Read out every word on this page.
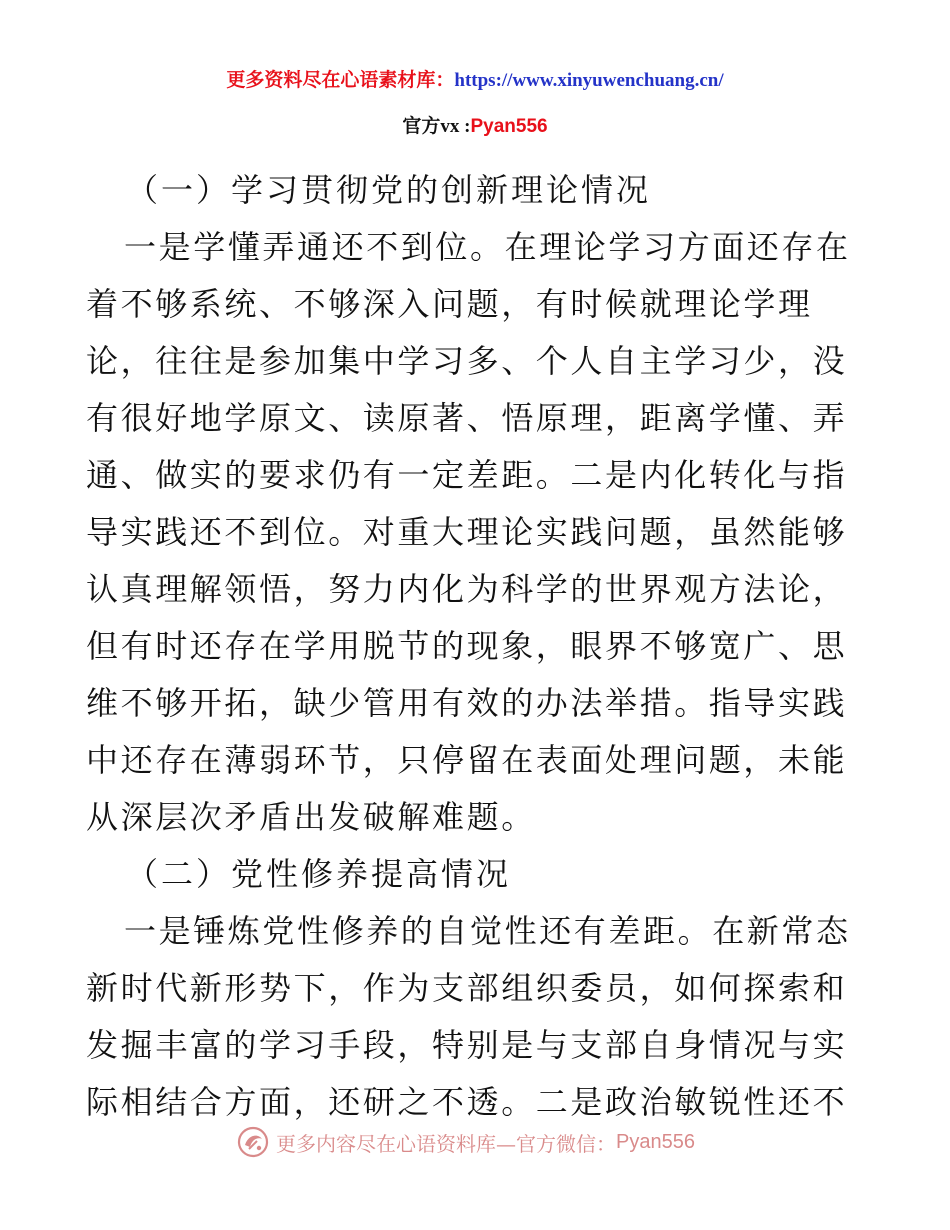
更多资料尽在心语素材库：https://www.xinyuwenchuang.cn/
官方vx :Pyan556
（一）学习贯彻党的创新理论情况
一是学懂弄通还不到位。在理论学习方面还存在
着不够系统、不够深入问题，有时候就理论学理
论，往往是参加集中学习多、个人自主学习少，没
有很好地学原文、读原著、悟原理，距离学懂、弄
通、做实的要求仍有一定差距。二是内化转化与指
导实践还不到位。对重大理论实践问题，虽然能够
认真理解领悟，努力内化为科学的世界观方法论，
但有时还存在学用脱节的现象，眼界不够宽广、思
维不够开拓，缺少管用有效的办法举措。指导实践
中还存在薄弱环节，只停留在表面处理问题，未能
从深层次矛盾出发破解难题。
（二）党性修养提高情况
一是锤炼党性修养的自觉性还有差距。在新常态
新时代新形势下，作为支部组织委员，如何探索和
发掘丰富的学习手段，特别是与支部自身情况与实
际相结合方面，还研之不透。二是政治敏锐性还不
更多内容尽在心语资料库—官方微信： Pyan556
